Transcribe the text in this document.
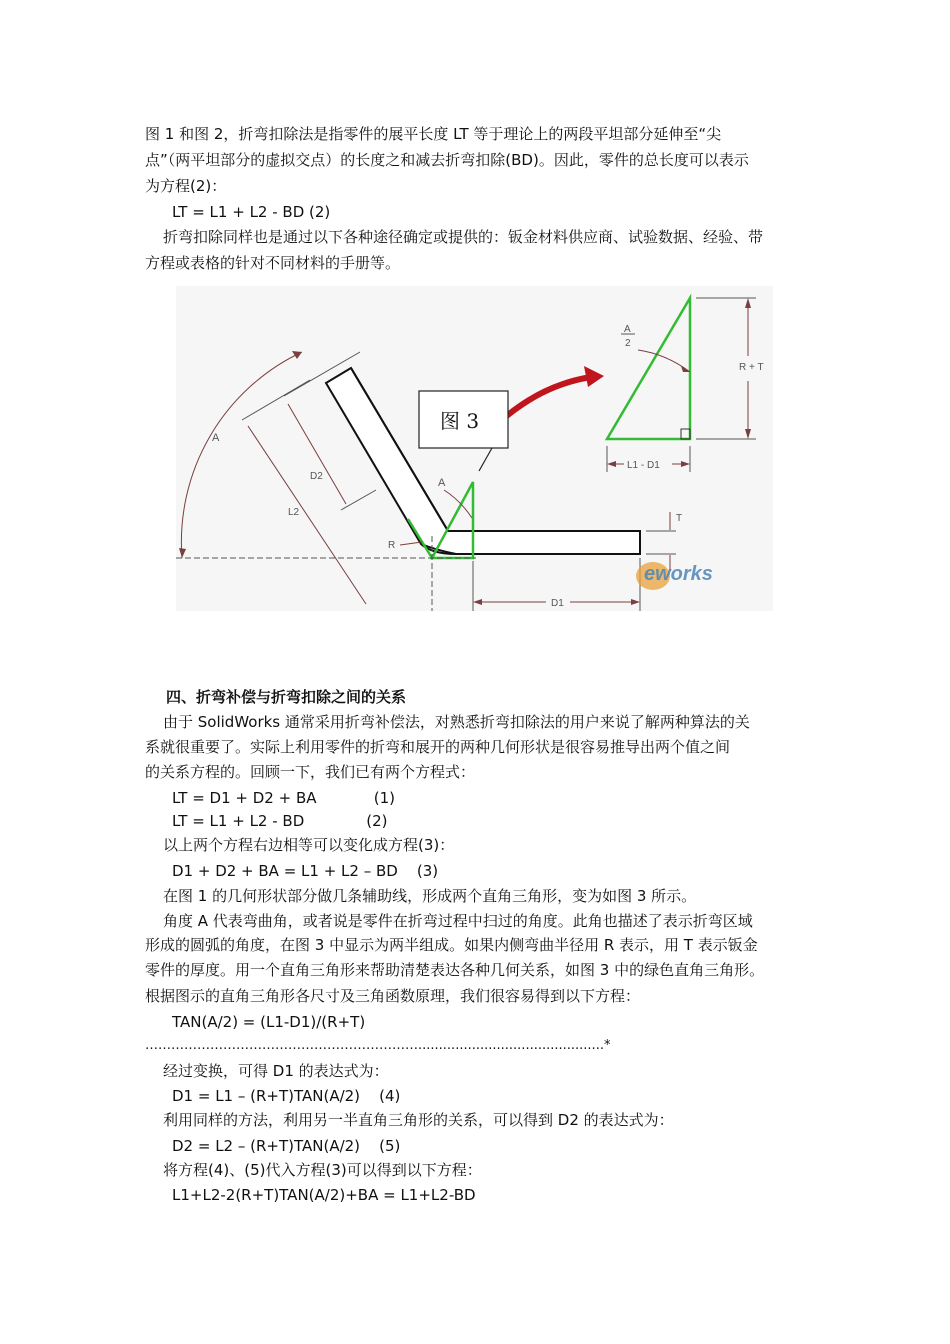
图 1 和图 2，折弯扣除法是指零件的展平长度 LT 等于理论上的两段平坦部分延伸至“尖
点”（两平坦部分的虚拟交点）的长度之和减去折弯扣除(BD)。因此，零件的总长度可以表示
为方程(2)：
LT = L1 + L2 - BD (2)
折弯扣除同样也是通过以下各种途径确定或提供的：钣金材料供应商、试验数据、经验、带
方程或表格的针对不同材料的手册等。
R + T
L1 - D1
A
2
图 3
A
A
D2
L2
R
T
D1
eworks
四、折弯补偿与折弯扣除之间的关系
由于 SolidWorks 通常采用折弯补偿法，对熟悉折弯扣除法的用户来说了解两种算法的关
系就很重要了。实际上利用零件的折弯和展开的两种几何形状是很容易推导出两个值之间
的关系方程的。回顾一下，我们已有两个方程式：
LT = D1 + D2 + BA            (1)
LT = L1 + L2 - BD             (2)
以上两个方程右边相等可以变化成方程(3)：
D1 + D2 + BA = L1 + L2 – BD    (3)
在图 1 的几何形状部分做几条辅助线，形成两个直角三角形，变为如图 3 所示。
角度 A 代表弯曲角，或者说是零件在折弯过程中扫过的角度。此角也描述了表示折弯区域
形成的圆弧的角度，在图 3 中显示为两半组成。如果内侧弯曲半径用 R 表示，用 T 表示钣金
零件的厚度。用一个直角三角形来帮助清楚表达各种几何关系，如图 3 中的绿色直角三角形。
根据图示的直角三角形各尺寸及三角函数原理，我们很容易得到以下方程：
TAN(A/2) = (L1-D1)/(R+T)
……………………………………………………….............................................*
经过变换，可得 D1 的表达式为：
D1 = L1 – (R+T)TAN(A/2)    (4)
利用同样的方法，利用另一半直角三角形的关系，可以得到 D2 的表达式为：
D2 = L2 – (R+T)TAN(A/2)    (5)
将方程(4)、(5)代入方程(3)可以得到以下方程：
L1+L2-2(R+T)TAN(A/2)+BA = L1+L2-BD
